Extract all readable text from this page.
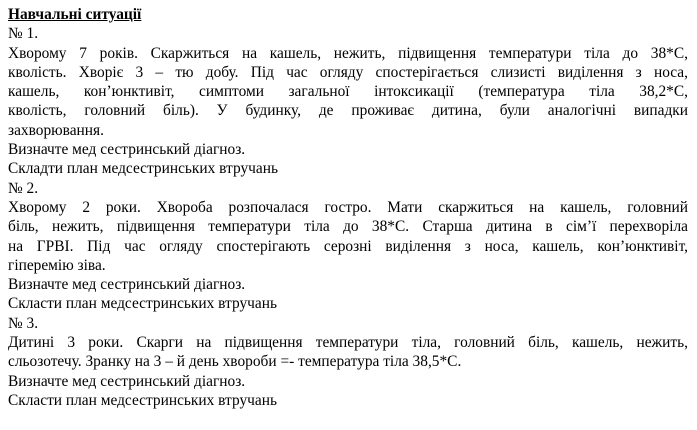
Навчальні ситуації
№ 1.
Хворому 7 років. Скаржиться на кашель, нежить, підвищення температури тіла до 38*С,
кволість. Хворіє 3 – тю добу. Під час огляду спостерігається слизисті виділення з носа,
кашель, кон’юнктивіт, симптоми загальної інтоксикації (температура тіла 38,2*С,
кволість, головний біль). У будинку, де проживає дитина, були аналогічні випадки
захворювання.
Визначте мед сестринський діагноз.
Складти план медсестринських втручань
№ 2.
Хворому 2 роки. Хвороба розпочалася гостро. Мати скаржиться на кашель, головний
біль, нежить, підвищення температури тіла до 38*С. Старша дитина в сім’ї перехворіла
на ГРВІ. Під час огляду спостерігають серозні виділення з носа, кашель, кон’юнктивіт,
гіперемію зіва.
Визначте мед сестринський діагноз.
Скласти план медсестринських втручань
№ 3.
Дитині 3 роки. Скарги на підвищення температури тіла, головний біль, кашель, нежить,
сльозотечу. Зранку на 3 – й день хвороби =- температура тіла 38,5*С.
Визначте мед сестринський діагноз.
Скласти план медсестринських втручань
